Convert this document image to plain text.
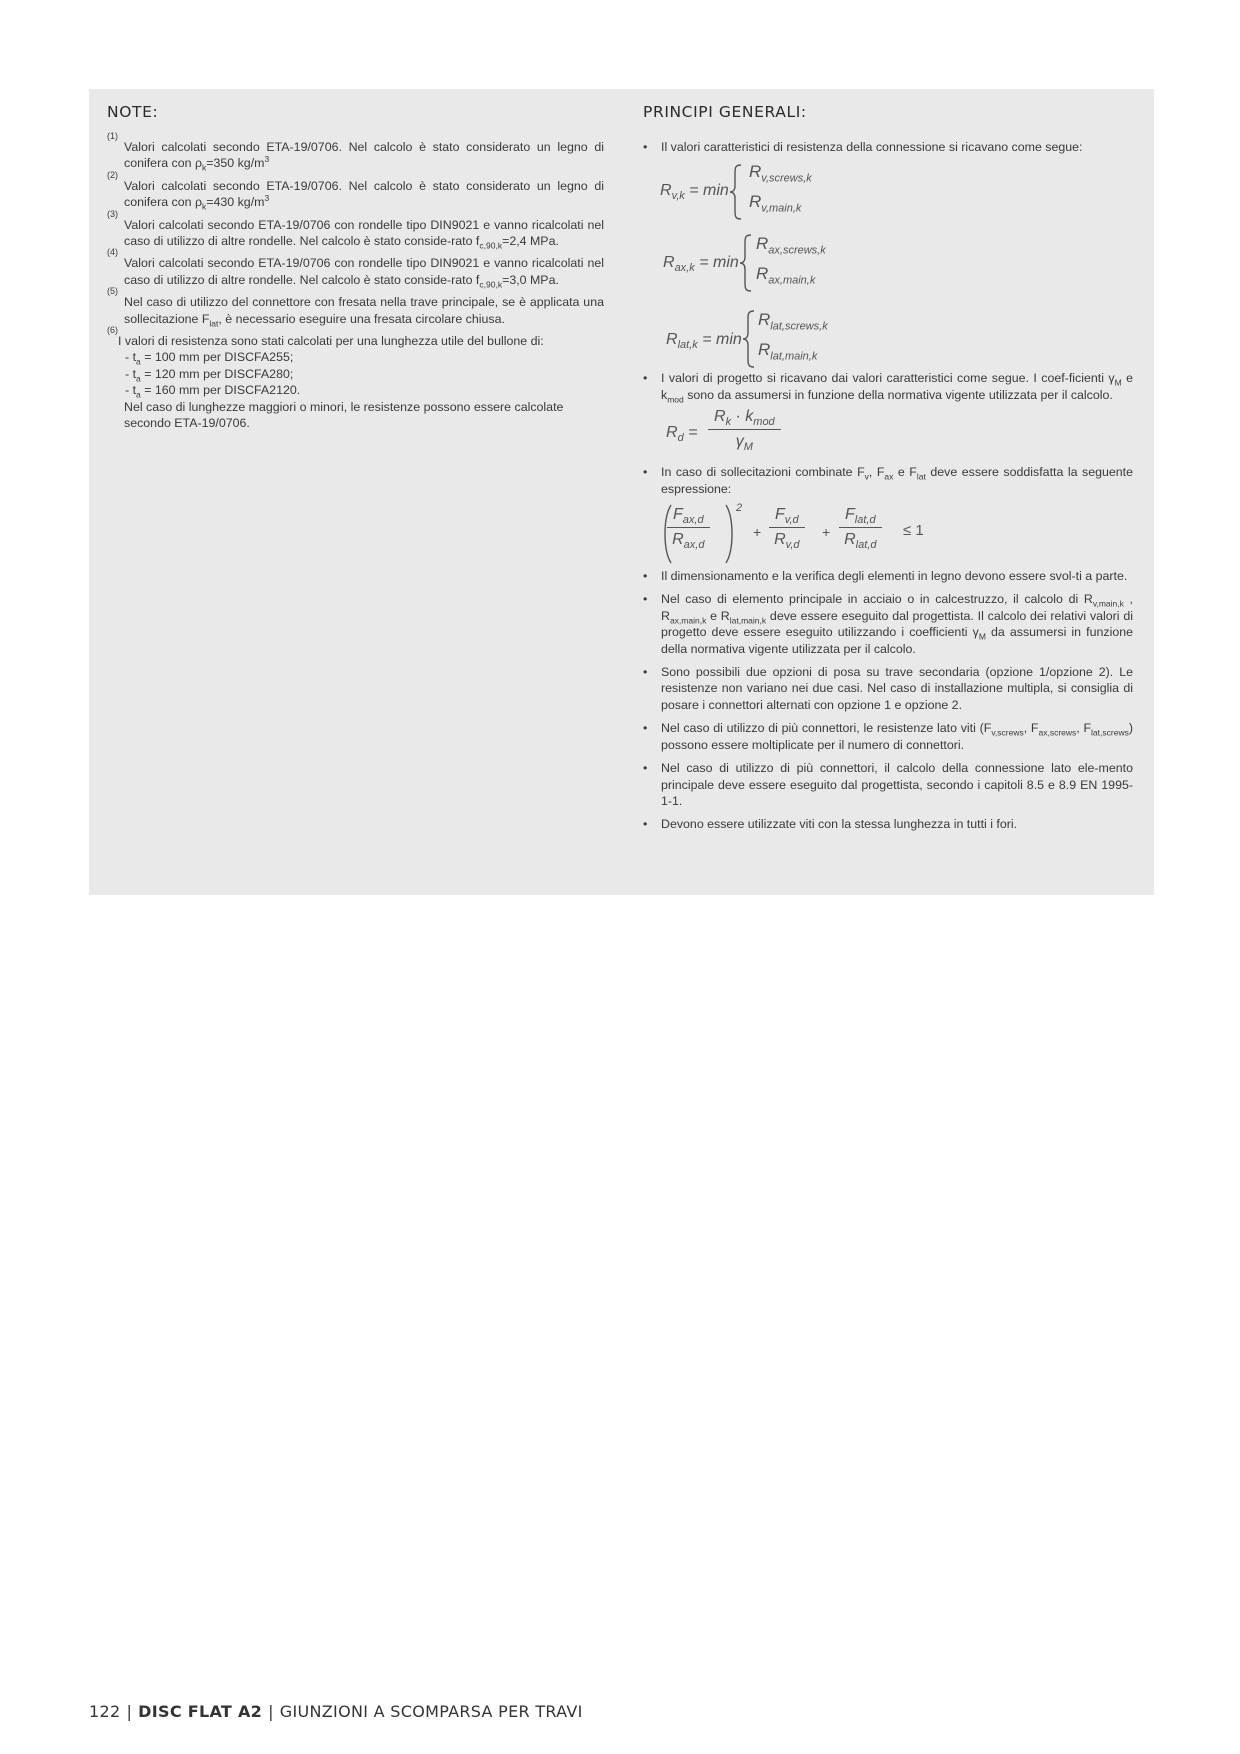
NOTE:
(1)
Valori calcolati secondo ETA-19/0706. Nel calcolo è stato considerato un legno di conifera con $\rho_k=350$ $kg/m^3$
(2)
Valori calcolati secondo ETA-19/0706. Nel calcolo è stato considerato un legno di conifera con $\rho_k=430$ $kg/m^3$
(3)
Valori calcolati secondo ETA-19/0706 con rondelle tipo DIN9021 e vanno ricalcolati nel caso di utilizzo di altre rondelle. Nel calcolo è stato conside-rato $f_{c,90,k}=2,4$ MPa.
(4)
Valori calcolati secondo ETA-19/0706 con rondelle tipo DIN9021 e vanno ricalcolati nel caso di utilizzo di altre rondelle. Nel calcolo è stato conside-rato $f_{c,90,k}=3,0$ MPa.
(5)
Nel caso di utilizzo del connettore con fresata nella trave principale, se è applicata una sollecitazione $F_{lat}$, è necessario eseguire una fresata circolare chiusa.
(6)
I valori di resistenza sono stati calcolati per una lunghezza utile del bullone di:
- $t_a = 100$ mm per DISCFA255;
- $t_a = 120$ mm per DISCFA280;
- $t_a = 160$ mm per DISCFA2120.
Nel caso di lunghezze maggiori o minori, le resistenze possono essere calcolate secondo ETA-19/0706.
PRINCIPI GENERALI:
• Il valori caratteristici di resistenza della connessione si ricavano come segue:
$R_{v,k} = \min$
$R_{v,screws,k}$
$R_{v,main,k}$
$R_{ax,k} = \min$
$R_{ax,screws,k}$
$R_{ax,main,k}$
$R_{lat,k} = \min$
$R_{lat,screws,k}$
$R_{lat,main,k}$
• I valori di progetto si ricavano dai valori caratteristici come segue. I coef-ficienti $\gamma_M$ e $k_{mod}$ sono da assumersi in funzione della normativa vigente utilizzata per il calcolo.
$R_d$ =
$R_k \cdot k_{mod}$
$\gamma_M$
• In caso di sollecitazioni combinate $F_v$, $F_{ax}$ e $F_{lat}$ deve essere soddisfatta la seguente espressione:
$F_{ax,d}$
$R_{ax,d}$
2
+ $\frac{F_{v,d}}{R_{v,d}}$ +
$F_{lat,d}$
$R_{lat,d}$
≤ 1
• Il dimensionamento e la verifica degli elementi in legno devono essere svol-ti a parte.
• Nel caso di elemento principale in acciaio o in calcestruzzo, il calcolo di $R_{v,main,k}$ , $R_{ax,main,k}$ e $R_{lat,main,k}$ deve essere eseguito dal progettista. Il calcolo dei relativi valori di progetto deve essere eseguito utilizzando i coefficienti $\gamma_M$ da assumersi in funzione della normativa vigente utilizzata per il calcolo.
• Sono possibili due opzioni di posa su trave secondaria (opzione 1/opzione 2). Le resistenze non variano nei due casi. Nel caso di installazione multipla, si consiglia di posare i connettori alternati con opzione 1 e opzione 2.
• Nel caso di utilizzo di più connettori, le resistenze lato viti ($F_{v,screws}$, $F_{ax,screws}$, $F_{lat,screws}$) possono essere moltiplicate per il numero di connettori.
• Nel caso di utilizzo di più connettori, il calcolo della connessione lato ele-mento principale deve essere eseguito dal progettista, secondo i capitoli 8.5 e 8.9 EN 1995-1-1.
• Devono essere utilizzate viti con la stessa lunghezza in tutti i fori.
122 | DISC FLAT A2 | GIUNZIONI A SCOMPARSA PER TRAVI
